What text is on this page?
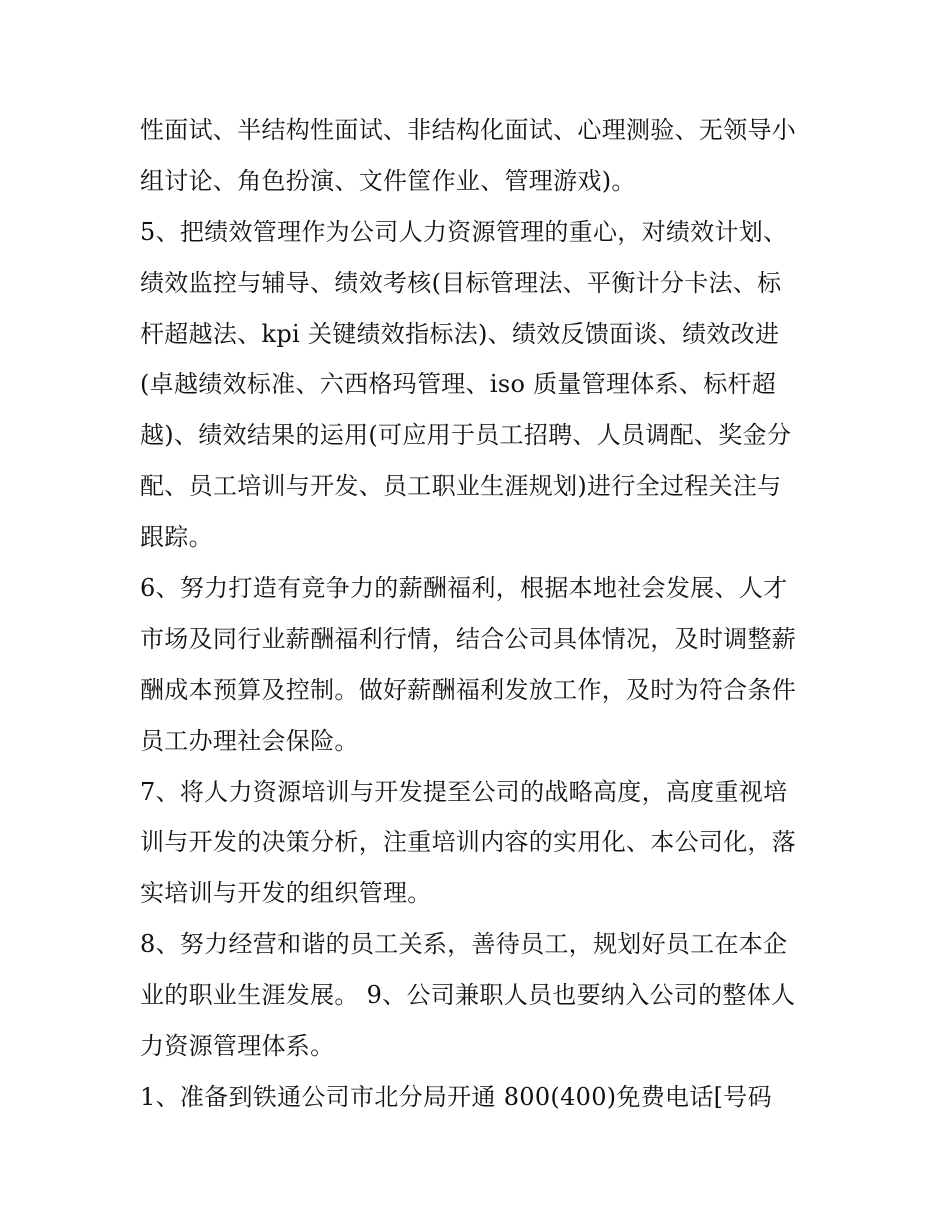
性面试、半结构性面试、非结构化面试、心理测验、无领导小
组讨论、角色扮演、文件筐作业、管理游戏)。
5、把绩效管理作为公司人力资源管理的重心，对绩效计划、
绩效监控与辅导、绩效考核(目标管理法、平衡计分卡法、标
杆超越法、kpi 关键绩效指标法)、绩效反馈面谈、绩效改进
(卓越绩效标准、六西格玛管理、iso 质量管理体系、标杆超
越)、绩效结果的运用(可应用于员工招聘、人员调配、奖金分
配、员工培训与开发、员工职业生涯规划)进行全过程关注与
跟踪。
6、努力打造有竞争力的薪酬福利，根据本地社会发展、人才
市场及同行业薪酬福利行情，结合公司具体情况，及时调整薪
酬成本预算及控制。做好薪酬福利发放工作，及时为符合条件
员工办理社会保险。
7、将人力资源培训与开发提至公司的战略高度，高度重视培
训与开发的决策分析，注重培训内容的实用化、本公司化，落
实培训与开发的组织管理。
8、努力经营和谐的员工关系，善待员工，规划好员工在本企
业的职业生涯发展。 9、公司兼职人员也要纳入公司的整体人
力资源管理体系。
1、准备到铁通公司市北分局开通 800(400)免费电话[号码
